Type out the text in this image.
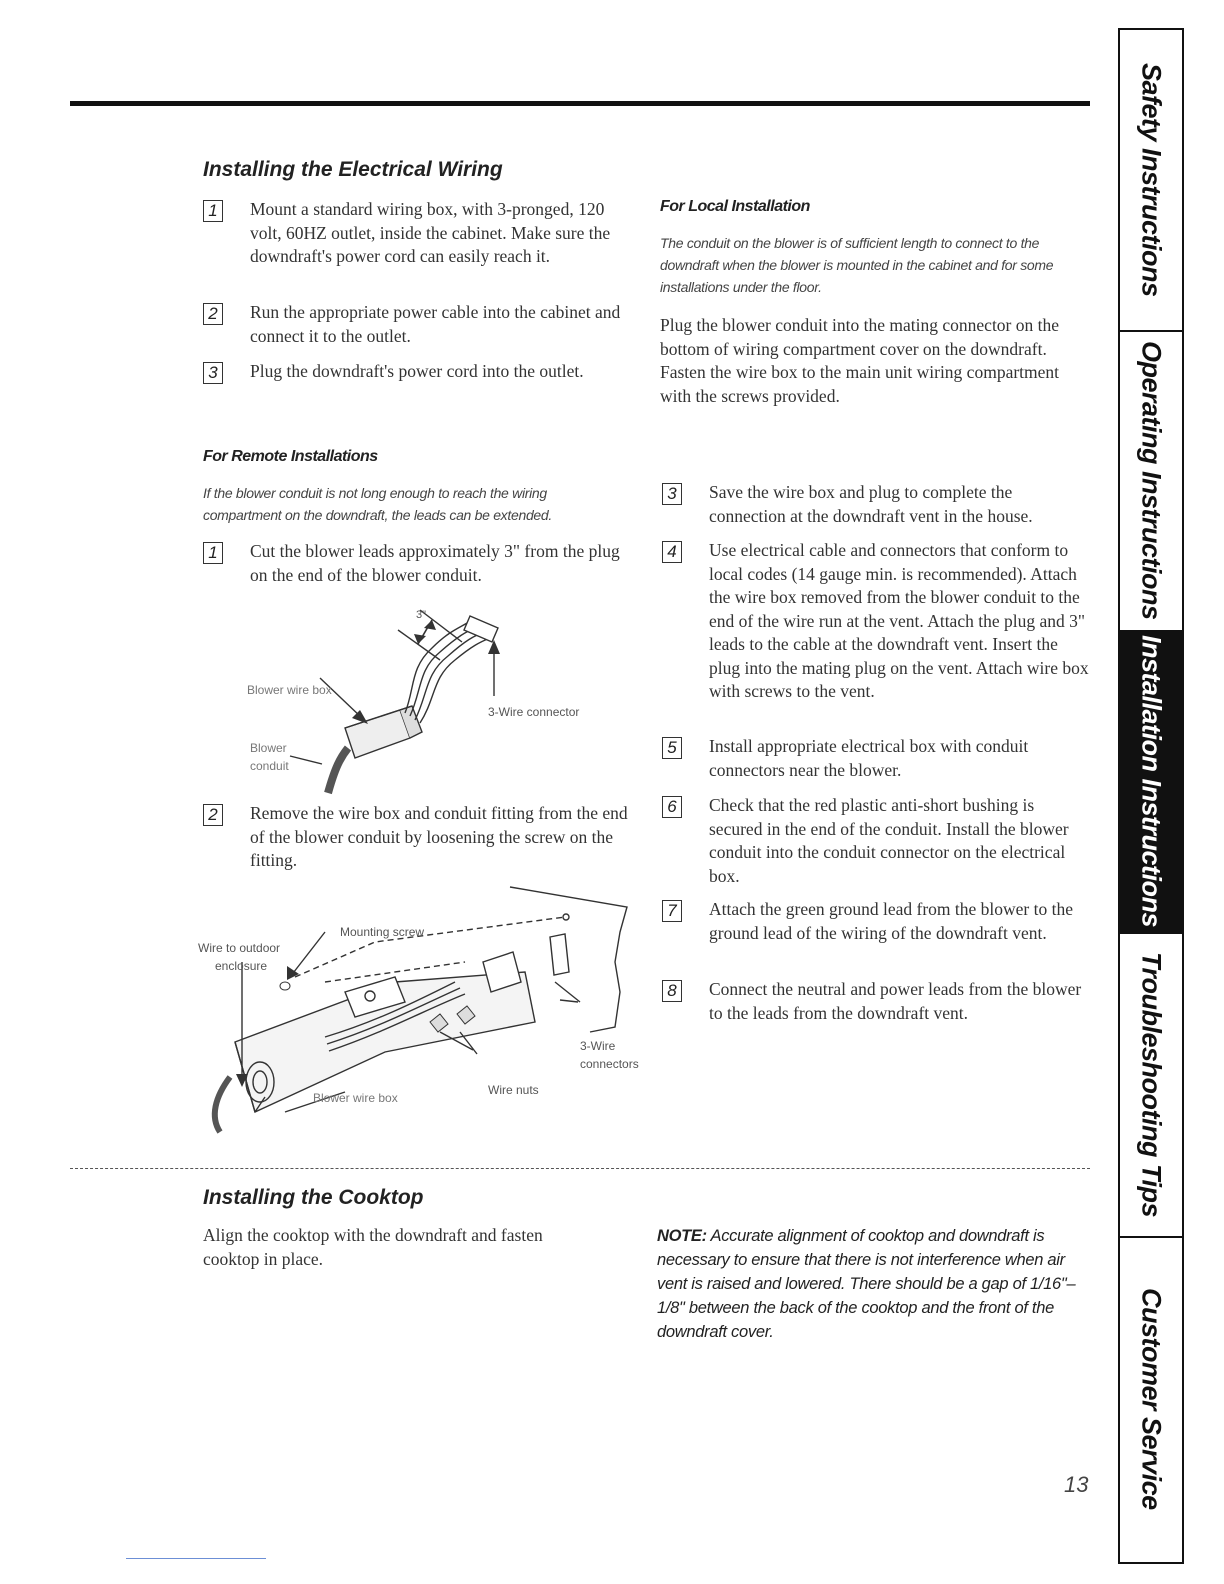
Installing the Electrical Wiring
1	Mount a standard wiring box, with 3-pronged, 120 volt, 60HZ outlet, inside the cabinet. Make sure the downdraft's power cord can easily reach it.
2	Run the appropriate power cable into the cabinet and connect it to the outlet.
3	Plug the downdraft's power cord into the outlet.
For Local Installation
The conduit on the blower is of sufficient length to connect to the downdraft when the blower is mounted in the cabinet and for some installations under the floor.
Plug the blower conduit into the mating connector on the bottom of wiring compartment cover on the downdraft. Fasten the wire box to the main unit wiring compartment with the screws provided.
For Remote Installations
If the blower conduit is not long enough to reach the wiring compartment on the downdraft, the leads can be extended.
1	Cut the blower leads approximately 3" from the plug on the end of the blower conduit.
3"
Blower wire box
3-Wire connector
Blower
conduit
2	Remove the wire box and conduit fitting from the end of the blower conduit by loosening the screw on the fitting.
Mounting screw
Wire to outdoor
enclosure
3-Wire
connectors
Blower wire box
Wire nuts
3	Save the wire box and plug to complete the connection at the downdraft vent in the house.
4	Use electrical cable and connectors that conform to local codes (14 gauge min. is recommended). Attach the wire box removed from the blower conduit to the end of the wire run at the vent. Attach the plug and 3" leads to the cable at the downdraft vent. Insert the plug into the mating plug on the vent. Attach wire box with screws to the vent.
5	Install appropriate electrical box with conduit connectors near the blower.
6	Check that the red plastic anti-short bushing is secured in the end of the conduit. Install the blower conduit into the conduit connector on the electrical box.
7	Attach the green ground lead from the blower to the ground lead of the wiring of the downdraft vent.
8	Connect the neutral and power leads from the blower to the leads from the downdraft vent.
Installing the Cooktop
Align the cooktop with the downdraft and fasten cooktop in place.
NOTE: Accurate alignment of cooktop and downdraft is necessary to ensure that there is not interference when air vent is raised and lowered. There should be a gap of 1/16"–1/8" between the back of the cooktop and the front of the downdraft cover.
13
Safety Instructions
Operating Instructions
Installation Instructions
Troubleshooting Tips
Customer Service
